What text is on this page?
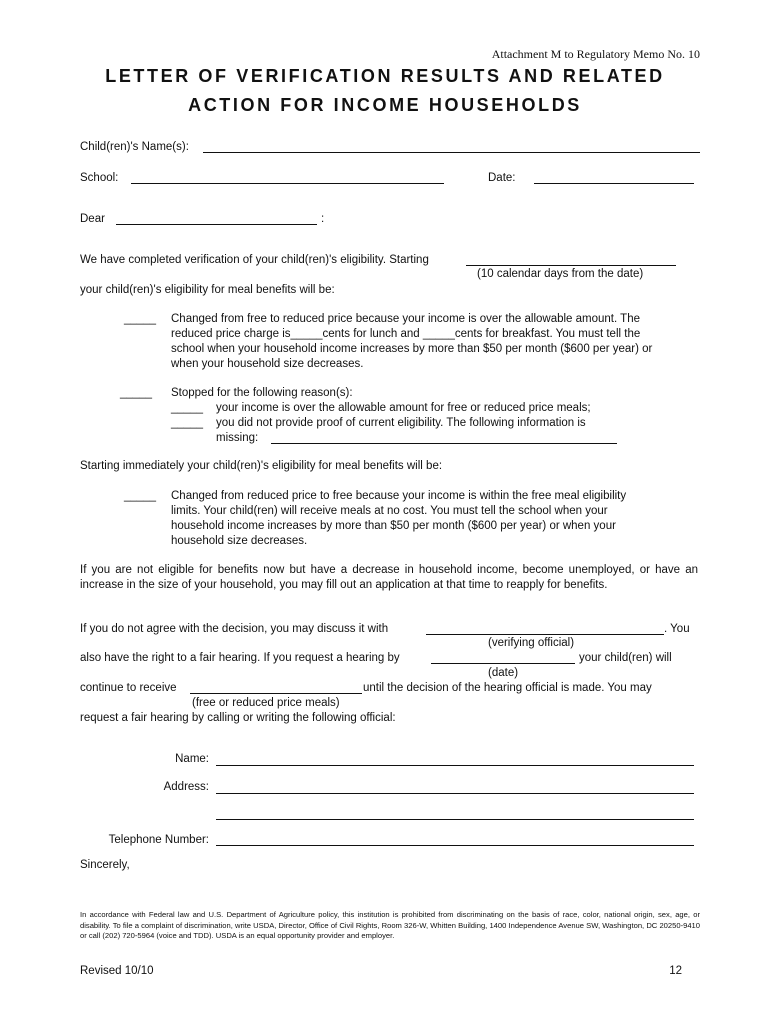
Attachment M to Regulatory Memo No. 10
LETTER OF VERIFICATION RESULTS AND RELATED
ACTION FOR INCOME HOUSEHOLDS
Child(ren)'s Name(s):
School:	Date:
Dear	:
We have completed verification of your child(ren)'s eligibility. Starting
(10 calendar days from the date)
your child(ren)'s eligibility for meal benefits will be:
_____ Changed from free to reduced price because your income is over the allowable amount. The
reduced price charge is_____cents for lunch and _____cents for breakfast. You must tell the
school when your household income increases by more than $50 per month ($600 per year) or
when your household size decreases.
_____ Stopped for the following reason(s):
_____ your income is over the allowable amount for free or reduced price meals;
_____ you did not provide proof of current eligibility. The following information is
missing:
Starting immediately your child(ren)'s eligibility for meal benefits will be:
_____ Changed from reduced price to free because your income is within the free meal eligibility
limits. Your child(ren) will receive meals at no cost. You must tell the school when your
household income increases by more than $50 per month ($600 per year) or when your
household size decreases.
If you are not eligible for benefits now but have a decrease in household income, become unemployed, or have an increase in the size of your household, you may fill out an application at that time to reapply for benefits.
If you do not agree with the decision, you may discuss it with	. You
(verifying official)
also have the right to a fair hearing. If you request a hearing by	your child(ren) will
(date)
continue to receive	until the decision of the hearing official is made. You may
(free or reduced price meals)
request a fair hearing by calling or writing the following official:
Name:
Address:
Telephone Number:
Sincerely,
In accordance with Federal law and U.S. Department of Agriculture policy, this institution is prohibited from discriminating on the basis of race, color, national origin, sex, age, or disability. To file a complaint of discrimination, write USDA, Director, Office of Civil Rights, Room 326-W, Whitten Building, 1400 Independence Avenue SW, Washington, DC 20250-9410 or call (202) 720-5964 (voice and TDD). USDA is an equal opportunity provider and employer.
Revised 10/10	12
